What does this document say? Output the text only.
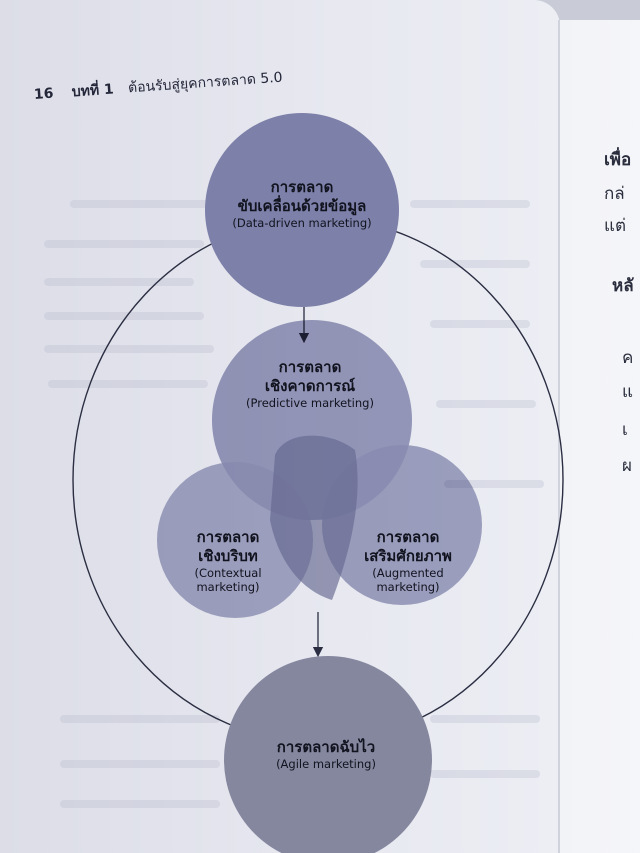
16 บทที่ 1 ต้อนรับสู่ยุคการตลาด 5.0
การตลาด
ขับเคลื่อนด้วยข้อมูล
(Data-driven marketing)
การตลาด
เชิงคาดการณ์
(Predictive marketing)
การตลาด
เชิงบริบท
(Contextual
marketing)
การตลาด
เสริมศักยภาพ
(Augmented
marketing)
การตลาดฉับไว
(Agile marketing)
เพื่อ
กล่
แต่
หลั
ค
แ
เ
ผ
